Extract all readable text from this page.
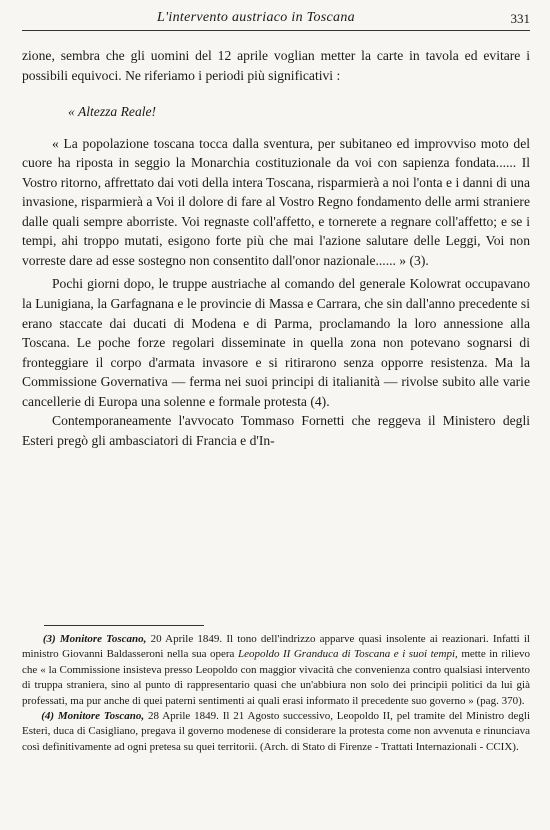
L'intervento austriaco in Toscana	331

zione, sembra che gli uomini del 12 aprile voglian metter la carte in tavola ed evitare i possibili equivoci. Ne riferiamo i periodi più significativi :

« Altezza Reale!

« La popolazione toscana tocca dalla sventura, per subitaneo ed improvviso moto del cuore ha riposta in seggio la Monarchia costituzionale da voi con sapienza fondata...... Il Vostro ritorno, affrettato dai voti della intera Toscana, risparmierà a noi l'onta e i danni di una invasione, risparmierà a Voi il dolore di fare al Vostro Regno fondamento delle armi straniere dalle quali sempre aborriste. Voi regnaste coll'affetto, e tornerete a regnare coll'affetto; e se i tempi, ahi troppo mutati, esigono forte più che mai l'azione salutare delle Leggi, Voi non vorreste dare ad esse sostegno non consentito dall'onor nazionale...... » (3).

Pochi giorni dopo, le truppe austriache al comando del generale Kolowrat occupavano la Lunigiana, la Garfagnana e le provincie di Massa e Carrara, che sin dall'anno precedente si erano staccate dai ducati di Modena e di Parma, proclamando la loro annessione alla Toscana. Le poche forze regolari disseminate in quella zona non potevano sognarsi di fronteggiare il corpo d'armata invasore e si ritirarono senza opporre resistenza. Ma la Commissione Governativa — ferma nei suoi principi di italianità — rivolse subito alle varie cancellerie di Europa una solenne e formale protesta (4).

Contemporaneamente l'avvocato Tommaso Fornetti che reggeva il Ministero degli Esteri pregò gli ambasciatori di Francia e d'In-

(3) Monitore Toscano, 20 Aprile 1849. Il tono dell'indrizzo apparve quasi insolente ai reazionari. Infatti il ministro Giovanni Baldasseroni nella sua opera Leopoldo II Granduca di Toscana e i suoi tempi, mette in rilievo che « la Commissione insisteva presso Leopoldo con maggior vivacità che convenienza contro qualsiasi intervento di truppa straniera, sino al punto di rappresentario quasi che un'abbiura non solo dei principii politici da lui già professati, ma pur anche di quei paterni sentimenti ai quali erasi informato il precedente suo governo » (pag. 370).

(4) Monitore Toscano, 28 Aprile 1849. Il 21 Agosto successivo, Leopoldo II, pel tramite del Ministro degli Esteri, duca di Casigliano, pregava il governo modenese di considerare la protesta come non avvenuta e rinunciava così definitivamente ad ogni pretesa su quei territorii. (Arch. di Stato di Firenze - Trattati Internazionali - CCIX).
